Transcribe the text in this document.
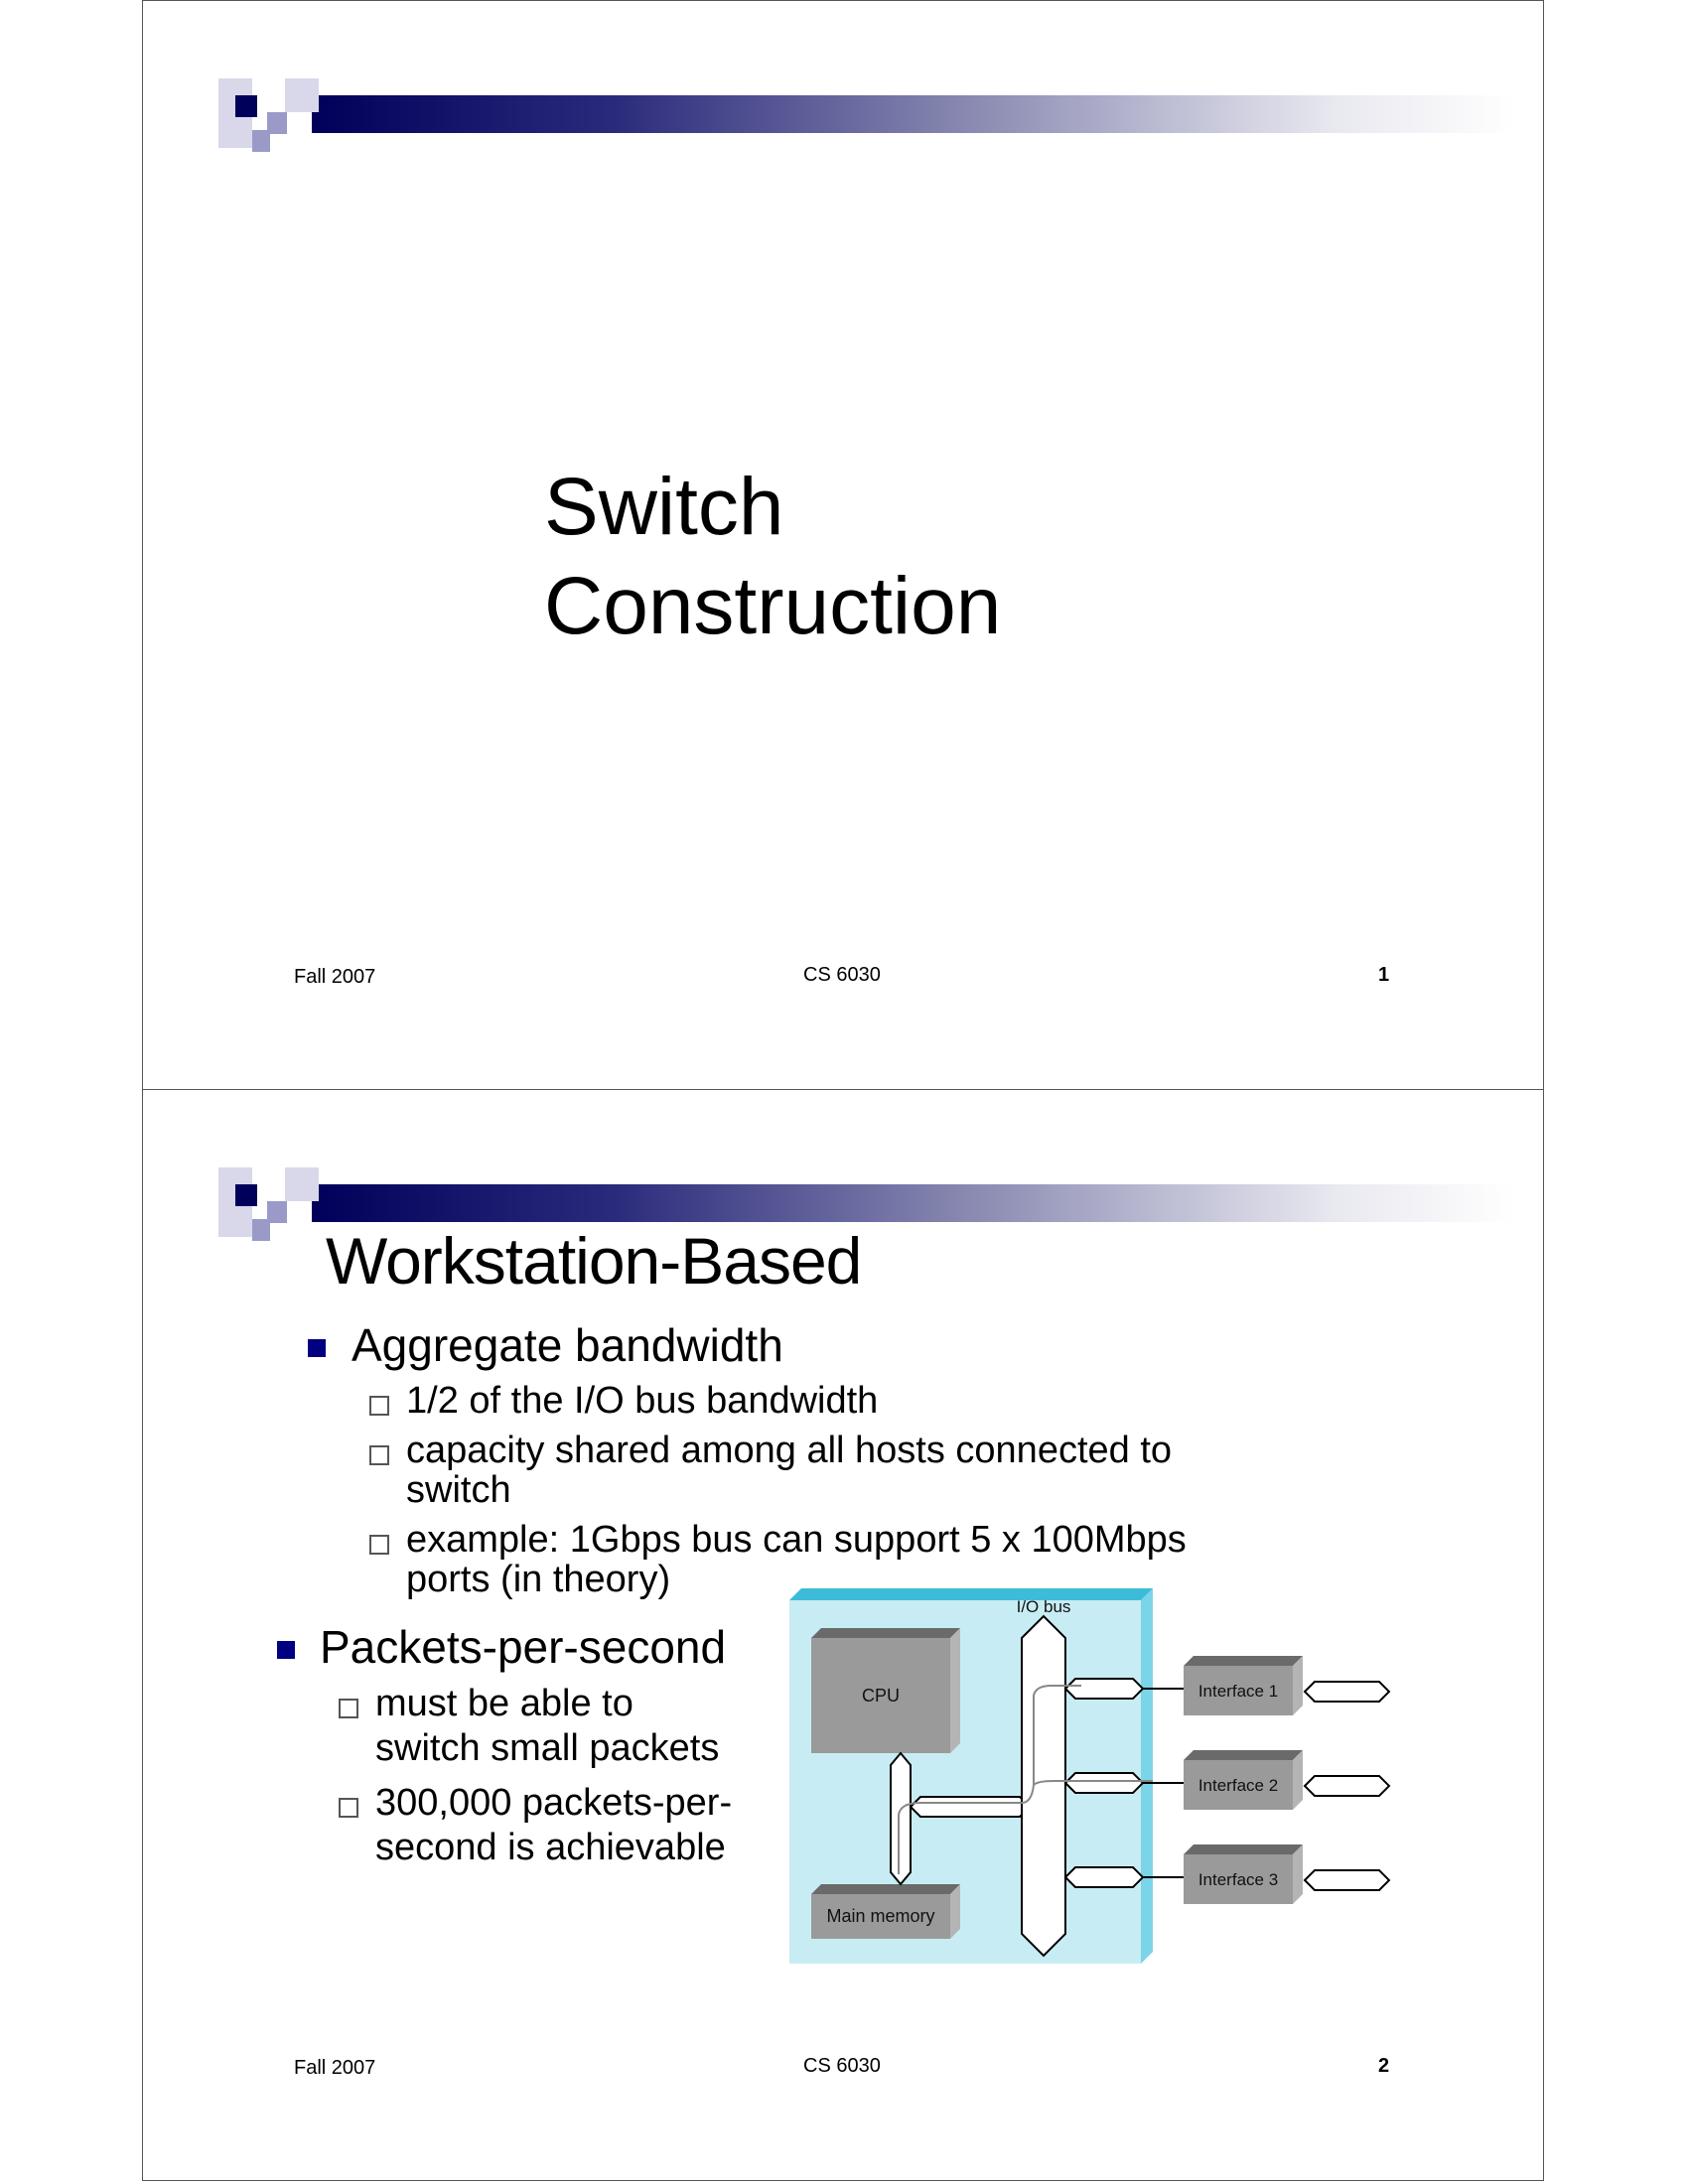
Switch
Construction
Fall 2007	CS 6030	1
Workstation-Based
Aggregate bandwidth
1/2 of the I/O bus bandwidth
capacity shared among all hosts connected to
switch
example: 1Gbps bus can support 5 x 100Mbps
ports (in theory)
Packets-per-second
must be able to
switch small packets
300,000 packets-per-
second is achievable
CPU
Main memory
I/O bus
Interface 1
Interface 2
Interface 3
Fall 2007	CS 6030	2
